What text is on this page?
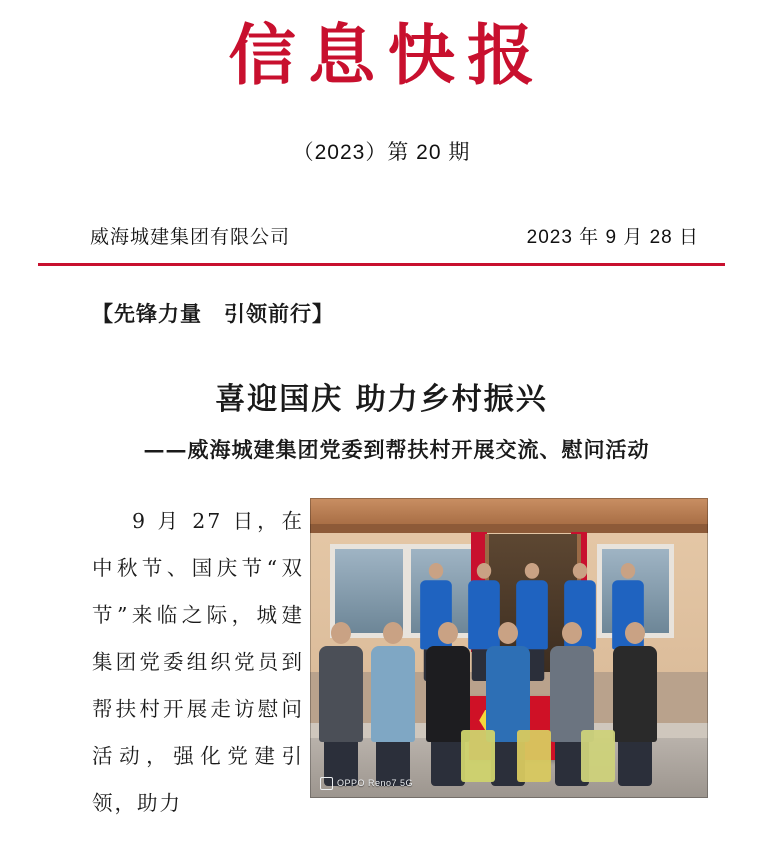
信息快报
（2023）第 20 期
威海城建集团有限公司	2023 年 9 月 28 日
【先锋力量　引领前行】
喜迎国庆 助力乡村振兴
——威海城建集团党委到帮扶村开展交流、慰问活动
9 月 27 日，在中秋节、国庆节“双节”来临之际，城建集团党委组织党员到帮扶村开展走访慰问活动，强化党建引领，助力
OPPO Reno7 5G
